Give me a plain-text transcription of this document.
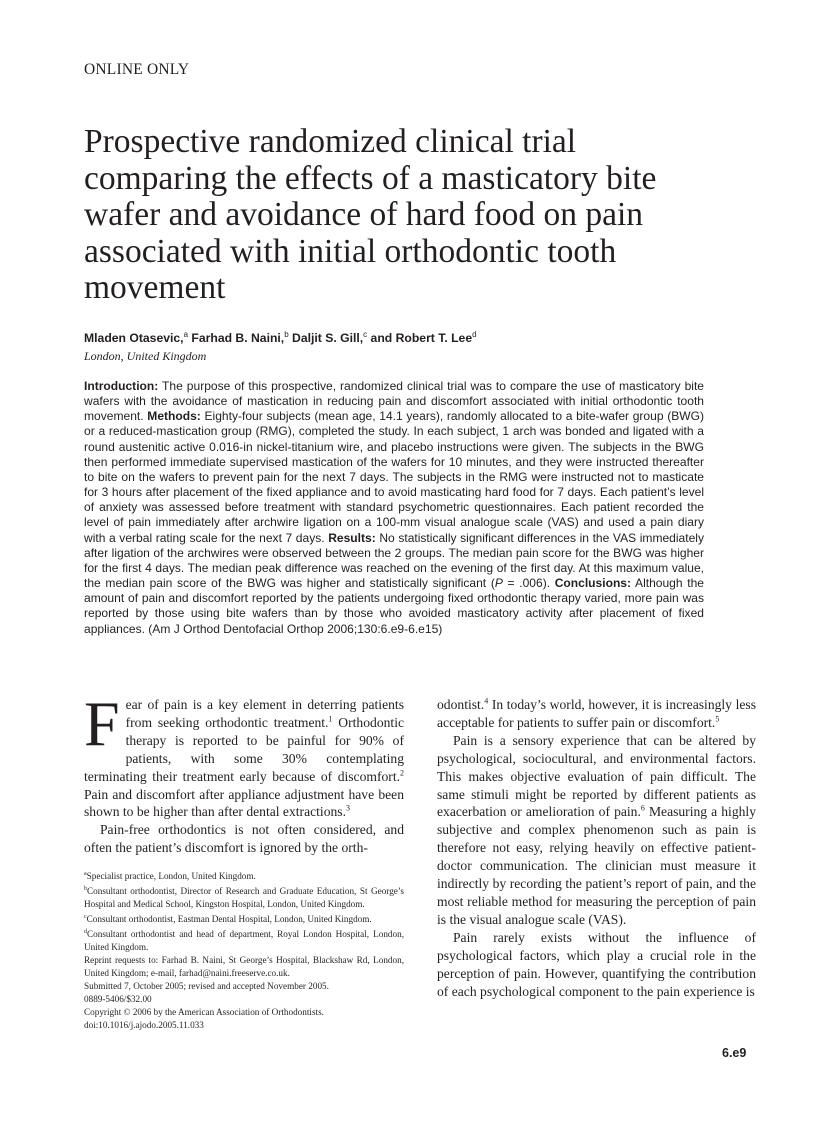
ONLINE ONLY
Prospective randomized clinical trial comparing the effects of a masticatory bite wafer and avoidance of hard food on pain associated with initial orthodontic tooth movement
Mladen Otasevic,$^a$ Farhad B. Naini,$^b$ Daljit S. Gill,$^c$ and Robert T. Lee$^d$
London, United Kingdom

Introduction: The purpose of this prospective, randomized clinical trial was to compare the use of masticatory bite wafers with the avoidance of mastication in reducing pain and discomfort associated with initial orthodontic tooth movement. Methods: Eighty-four subjects (mean age, 14.1 years), randomly allocated to a bite-wafer group (BWG) or a reduced-mastication group (RMG), completed the study. In each subject, 1 arch was bonded and ligated with a round austenitic active 0.016-in nickel-titanium wire, and placebo instructions were given. The subjects in the BWG then performed immediate supervised mastication of the wafers for 10 minutes, and they were instructed thereafter to bite on the wafers to prevent pain for the next 7 days. The subjects in the RMG were instructed not to masticate for 3 hours after placement of the fixed appliance and to avoid masticating hard food for 7 days. Each patient’s level of anxiety was assessed before treatment with standard psychometric questionnaires. Each patient recorded the level of pain immediately after archwire ligation on a 100-mm visual analogue scale (VAS) and used a pain diary with a verbal rating scale for the next 7 days. Results: No statistically significant differences in the VAS immediately after ligation of the archwires were observed between the 2 groups. The median pain score for the BWG was higher for the first 4 days. The median peak difference was reached on the evening of the first day. At this maximum value, the median pain score of the BWG was higher and statistically significant (P = .006). Conclusions: Although the amount of pain and discomfort reported by the patients undergoing fixed orthodontic therapy varied, more pain was reported by those using bite wafers than by those who avoided masticatory activity after placement of fixed appliances. (Am J Orthod Dentofacial Orthop 2006;130:6.e9-6.e15)

Fear of pain is a key element in deterring patients from seeking orthodontic treatment.$^1$ Orthodontic therapy is reported to be painful for 90% of patients, with some 30% contemplating terminating their treatment early because of discomfort.$^2$ Pain and discomfort after appliance adjustment have been shown to be higher than after dental extractions.$^3$

Pain-free orthodontics is not often considered, and often the patient’s discomfort is ignored by the orth-

$^a$Specialist practice, London, United Kingdom.
$^b$Consultant orthodontist, Director of Research and Graduate Education, St George’s Hospital and Medical School, Kingston Hospital, London, United Kingdom.
$^c$Consultant orthodontist, Eastman Dental Hospital, London, United Kingdom.
$^d$Consultant orthodontist and head of department, Royal London Hospital, London, United Kingdom.
Reprint requests to: Farhad B. Naini, St George’s Hospital, Blackshaw Rd, London, United Kingdom; e-mail, farhad@naini.freeserve.co.uk.
Submitted 7, October 2005; revised and accepted November 2005.
0889-5406/$32.00
Copyright © 2006 by the American Association of Orthodontists.
doi:10.1016/j.ajodo.2005.11.033

odontist.$^4$ In today’s world, however, it is increasingly less acceptable for patients to suffer pain or discomfort.$^5$

Pain is a sensory experience that can be altered by psychological, sociocultural, and environmental factors. This makes objective evaluation of pain difficult. The same stimuli might be reported by different patients as exacerbation or amelioration of pain.$^6$ Measuring a highly subjective and complex phenomenon such as pain is therefore not easy, relying heavily on effective patient-doctor communication. The clinician must measure it indirectly by recording the patient’s report of pain, and the most reliable method for measuring the perception of pain is the visual analogue scale (VAS).

Pain rarely exists without the influence of psychological factors, which play a crucial role in the perception of pain. However, quantifying the contribution of each psychological component to the pain experience is

6.e9
